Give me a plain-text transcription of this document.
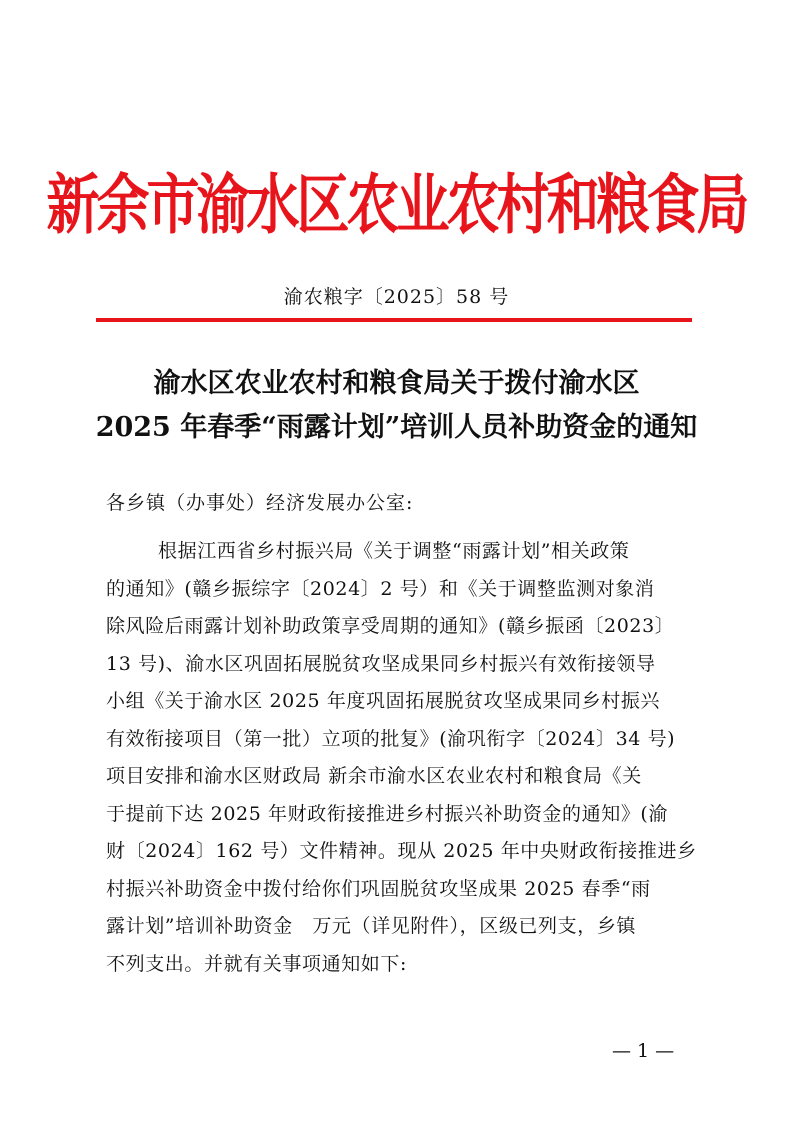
新余市渝水区农业农村和粮食局
渝农粮字〔2025〕58 号
渝水区农业农村和粮食局关于拨付渝水区
2025 年春季“雨露计划”培训人员补助资金的通知
各乡镇（办事处）经济发展办公室:
根据江西省乡村振兴局《关于调整“雨露计划”相关政策
的通知》(赣乡振综字〔2024〕2 号）和《关于调整监测对象消
除风险后雨露计划补助政策享受周期的通知》(赣乡振函〔2023〕
13 号)、渝水区巩固拓展脱贫攻坚成果同乡村振兴有效衔接领导
小组《关于渝水区 2025 年度巩固拓展脱贫攻坚成果同乡村振兴
有效衔接项目（第一批）立项的批复》(渝巩衔字〔2024〕34 号)
项目安排和渝水区财政局 新余市渝水区农业农村和粮食局《关
于提前下达 2025 年财政衔接推进乡村振兴补助资金的通知》(渝
财〔2024〕162 号）文件精神。现从 2025 年中央财政衔接推进乡
村振兴补助资金中拨付给你们巩固脱贫攻坚成果 2025 春季“雨
露计划”培训补助资金　万元（详见附件），区级已列支，乡镇
不列支出。并就有关事项通知如下:
— 1 —
